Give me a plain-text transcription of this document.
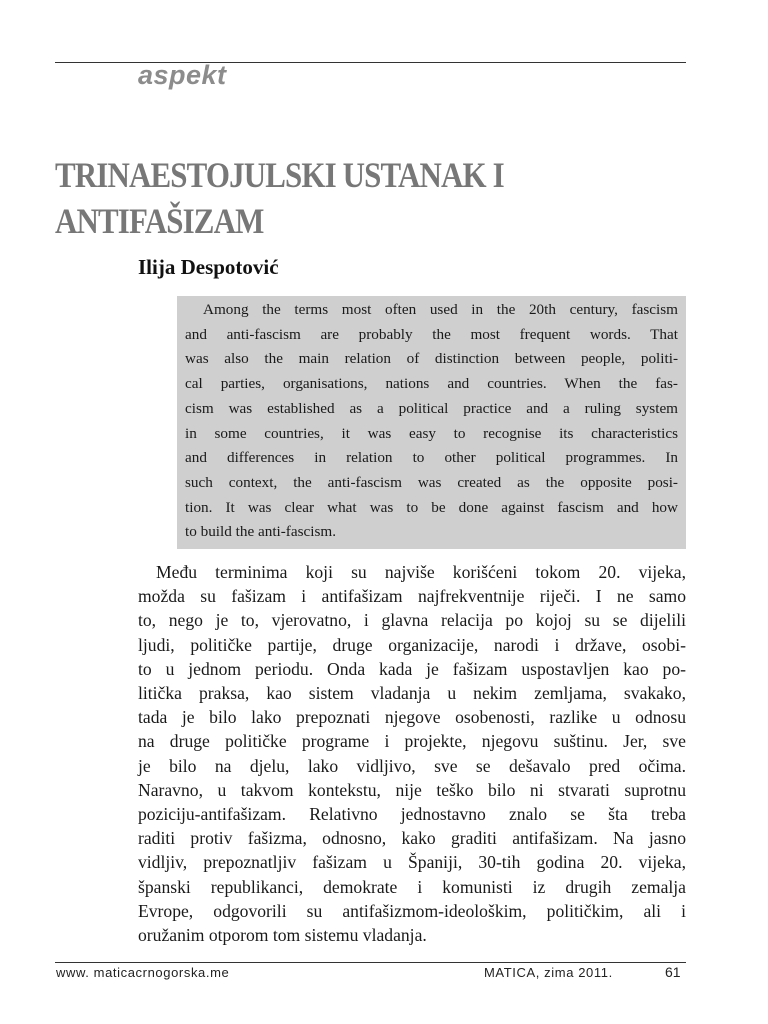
aspekt
TRINAESTOJULSKI USTANAK I
ANTIFAŠIZAM
Ilija Despotović
Among the terms most often used in the 20th century, fascism
and anti-fascism are probably the most frequent words. That
was also the main relation of distinction between people, politi-
cal parties, organisations, nations and countries. When the fas-
cism was established as a political practice and a ruling system
in some countries, it was easy to recognise its characteristics
and differences in relation to other political programmes. In
such context, the anti-fascism was created as the opposite posi-
tion. It was clear what was to be done against fascism and how
to build the anti-fascism.
Među terminima koji su najviše korišćeni tokom 20. vijeka,
možda su fašizam i antifašizam najfrekventnije riječi. I ne samo
to, nego je to, vjerovatno, i glavna relacija po kojoj su se dijelili
ljudi, političke partije, druge organizacije, narodi i države, osobi-
to u jednom periodu. Onda kada je fašizam uspostavljen kao po-
litička praksa, kao sistem vladanja u nekim zemljama, svakako,
tada je bilo lako prepoznati njegove osobenosti, razlike u odnosu
na druge političke programe i projekte, njegovu suštinu. Jer, sve
je bilo na djelu, lako vidljivo, sve se dešavalo pred očima.
Naravno, u takvom kontekstu, nije teško bilo ni stvarati suprotnu
poziciju-antifašizam. Relativno jednostavno znalo se šta treba
raditi protiv fašizma, odnosno, kako graditi antifašizam. Na jasno
vidljiv, prepoznatljiv fašizam u Španiji, 30-tih godina 20. vijeka,
španski republikanci, demokrate i komunisti iz drugih zemalja
Evrope, odgovorili su antifašizmom-ideološkim, političkim, ali i
oružanim otporom tom sistemu vladanja.
www. maticacrnogorska.me	MATICA, zima 2011.	61
